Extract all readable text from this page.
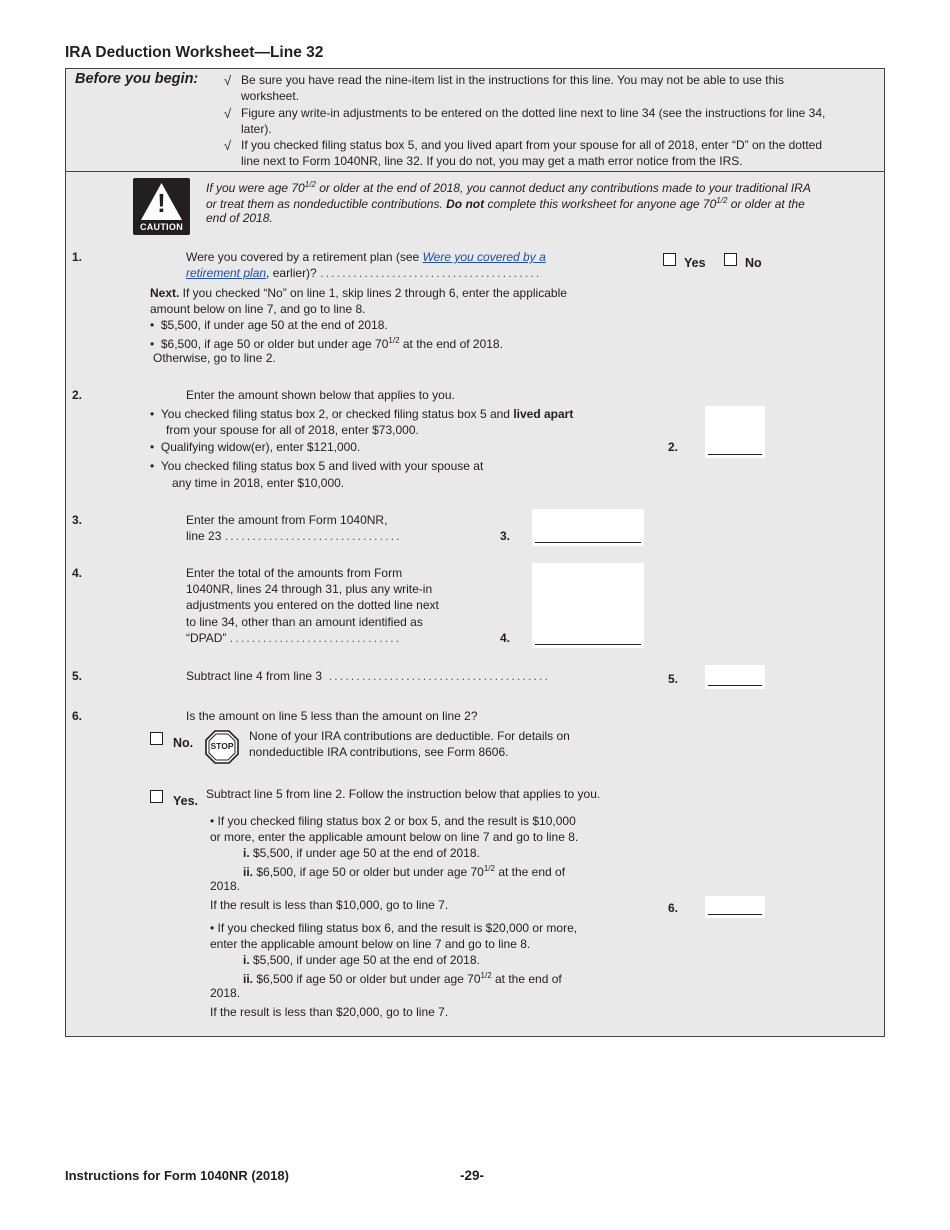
IRA Deduction Worksheet—Line 32
Before you begin: √ Be sure you have read the nine-item list in the instructions for this line. You may not be able to use this
worksheet.
√ Figure any write-in adjustments to be entered on the dotted line next to line 34 (see the instructions for line 34,
later).
√ If you checked filing status box 5, and you lived apart from your spouse for all of 2018, enter “D” on the dotted
line next to Form 1040NR, line 32. If you do not, you may get a math error notice from the IRS.
!
CAUTION
If you were age $70^{1/2}$ or older at the end of 2018, you cannot deduct any contributions made to your traditional IRA
or treat them as nondeductible contributions. Do not complete this worksheet for anyone age $70^{1/2}$ or older at the
end of 2018.
1.	Were you covered by a retirement plan (see Were you covered by a
retirement plan, earlier)? ........................................
Yes	No
Next. If you checked “No” on line 1, skip lines 2 through 6, enter the applicable
amount below on line 7, and go to line 8.
• $5,500, if under age 50 at the end of 2018.
• $6,500, if age 50 or older but under age $70^{1/2}$ at the end of 2018.
Otherwise, go to line 2.
2.	Enter the amount shown below that applies to you.
• You checked filing status box 2, or checked filing status box 5 and lived apart
from your spouse for all of 2018, enter $73,000.
• Qualifying widow(er), enter $121,000.
• You checked filing status box 5 and lived with your spouse at
any time in 2018, enter $10,000.
2.
3.	Enter the amount from Form 1040NR,
line 23 ................................	3.
4.	Enter the total of the amounts from Form
1040NR, lines 24 through 31, plus any write-in
adjustments you entered on the dotted line next
to line 34, other than an amount identified as
“DPAD” ...............................	4.
5.	Subtract line 4 from line 3 ........................................	5.
6.	Is the amount on line 5 less than the amount on line 2?
No.	STOP
None of your IRA contributions are deductible. For details on
nondeductible IRA contributions, see Form 8606.
Yes. Subtract line 5 from line 2. Follow the instruction below that applies to you.
• If you checked filing status box 2 or box 5, and the result is $10,000
or more, enter the applicable amount below on line 7 and go to line 8.
i. $5,500, if under age 50 at the end of 2018.
ii. $6,500, if age 50 or older but under age $70^{1/2}$ at the end of
2018.
If the result is less than $10,000, go to line 7.
• If you checked filing status box 6, and the result is $20,000 or more,
enter the applicable amount below on line 7 and go to line 8.
i. $5,500, if under age 50 at the end of 2018.
ii. $6,500 if age 50 or older but under age $70^{1/2}$ at the end of
2018.
If the result is less than $20,000, go to line 7.
6.
Instructions for Form 1040NR (2018)	-29-
